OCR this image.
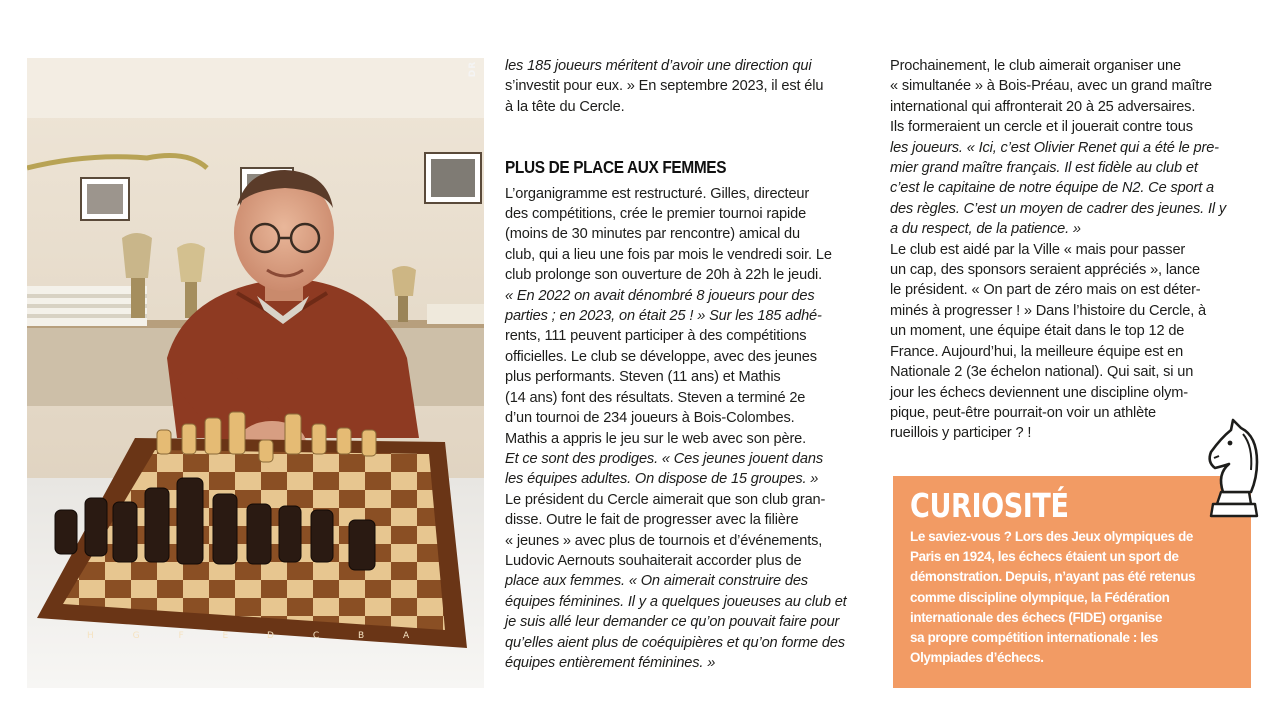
H G F E D C B A
DR les 185 joueurs méritent d’avoir une direction qui
s’investit pour eux. » En septembre 2023, il est élu
à la tête du Cercle.
PLUS DE PLACE AUX FEMMES
L’organigramme est restructuré. Gilles, directeur
des compétitions, crée le premier tournoi rapide
(moins de 30 minutes par rencontre) amical du
club, qui a lieu une fois par mois le vendredi soir. Le
club prolonge son ouverture de 20h à 22h le jeudi.
« En 2022 on avait dénombré 8 joueurs pour des
parties ; en 2023, on était 25 ! » Sur les 185 adhé-
rents, 111 peuvent participer à des compétitions
officielles. Le club se développe, avec des jeunes
plus performants. Steven (11 ans) et Mathis
(14 ans) font des résultats. Steven a terminé 2e
d’un tournoi de 234 joueurs à Bois-Colombes.
Mathis a appris le jeu sur le web avec son père.
Et ce sont des prodiges. « Ces jeunes jouent dans
les équipes adultes. On dispose de 15 groupes. »
Le président du Cercle aimerait que son club gran-
disse. Outre le fait de progresser avec la filière
« jeunes » avec plus de tournois et d’événements,
Ludovic Aernouts souhaiterait accorder plus de
place aux femmes. « On aimerait construire des
équipes féminines. Il y a quelques joueuses au club et
je suis allé leur demander ce qu’on pouvait faire pour
qu’elles aient plus de coéquipières et qu’on forme des
équipes entièrement féminines. »
Prochainement, le club aimerait organiser une
« simultanée » à Bois-Préau, avec un grand maître
international qui affronterait 20 à 25 adversaires.
Ils formeraient un cercle et il jouerait contre tous
les joueurs. « Ici, c’est Olivier Renet qui a été le pre-
mier grand maître français. Il est fidèle au club et
c’est le capitaine de notre équipe de N2. Ce sport a
des règles. C’est un moyen de cadrer des jeunes. Il y
a du respect, de la patience. »
Le club est aidé par la Ville « mais pour passer
un cap, des sponsors seraient appréciés », lance
le président. « On part de zéro mais on est déter-
minés à progresser ! » Dans l’histoire du Cercle, à
un moment, une équipe était dans le top 12 de
France. Aujourd’hui, la meilleure équipe est en
Nationale 2 (3e échelon national). Qui sait, si un
jour les échecs deviennent une discipline olym-
pique, peut-être pourrait-on voir un athlète
rueillois y participer ? !
CURIOSITÉ
Le saviez-vous ? Lors des Jeux olympiques de
Paris en 1924, les échecs étaient un sport de
démonstration. Depuis, n’ayant pas été retenus
comme discipline olympique, la Fédération
internationale des échecs (FIDE) organise
sa propre compétition internationale : les
Olympiades d’échecs.
